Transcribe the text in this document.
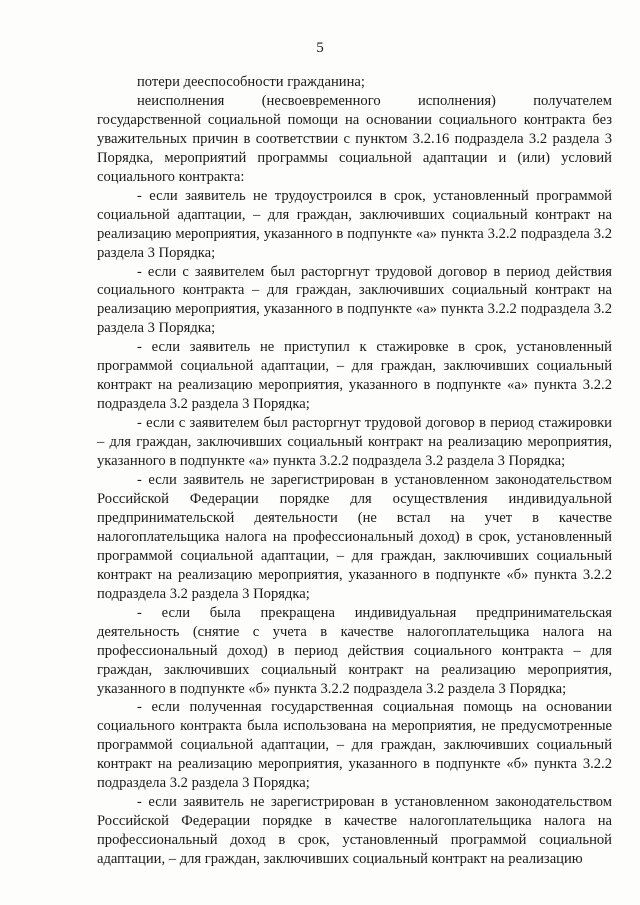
5

потери дееспособности гражданина;

неисполнения (несвоевременного исполнения) получателем государственной социальной помощи на основании социального контракта без уважительных причин в соответствии с пунктом 3.2.16 подраздела 3.2 раздела 3 Порядка, мероприятий программы социальной адаптации и (или) условий социального контракта:

- если заявитель не трудоустроился в срок, установленный программой социальной адаптации, – для граждан, заключивших социальный контракт на реализацию мероприятия, указанного в подпункте «а» пункта 3.2.2 подраздела 3.2 раздела 3 Порядка;

- если с заявителем был расторгнут трудовой договор в период действия социального контракта – для граждан, заключивших социальный контракт на реализацию мероприятия, указанного в подпункте «а» пункта 3.2.2 подраздела 3.2 раздела 3 Порядка;

- если заявитель не приступил к стажировке в срок, установленный программой социальной адаптации, – для граждан, заключивших социальный контракт на реализацию мероприятия, указанного в подпункте «а» пункта 3.2.2 подраздела 3.2 раздела 3 Порядка;

- если с заявителем был расторгнут трудовой договор в период стажировки – для граждан, заключивших социальный контракт на реализацию мероприятия, указанного в подпункте «а» пункта 3.2.2 подраздела 3.2 раздела 3 Порядка;

- если заявитель не зарегистрирован в установленном законодательством Российской Федерации порядке для осуществления индивидуальной предпринимательской деятельности (не встал на учет в качестве налогоплательщика налога на профессиональный доход) в срок, установленный программой социальной адаптации, – для граждан, заключивших социальный контракт на реализацию мероприятия, указанного в подпункте «б» пункта 3.2.2 подраздела 3.2 раздела 3 Порядка;

- если была прекращена индивидуальная предпринимательская деятельность (снятие с учета в качестве налогоплательщика налога на профессиональный доход) в период действия социального контракта – для граждан, заключивших социальный контракт на реализацию мероприятия, указанного в подпункте «б» пункта 3.2.2 подраздела 3.2 раздела 3 Порядка;

- если полученная государственная социальная помощь на основании социального контракта была использована на мероприятия, не предусмотренные программой социальной адаптации, – для граждан, заключивших социальный контракт на реализацию мероприятия, указанного в подпункте «б» пункта 3.2.2 подраздела 3.2 раздела 3 Порядка;

- если заявитель не зарегистрирован в установленном законодательством Российской Федерации порядке в качестве налогоплательщика налога на профессиональный доход в срок, установленный программой социальной адаптации, – для граждан, заключивших социальный контракт на реализацию
